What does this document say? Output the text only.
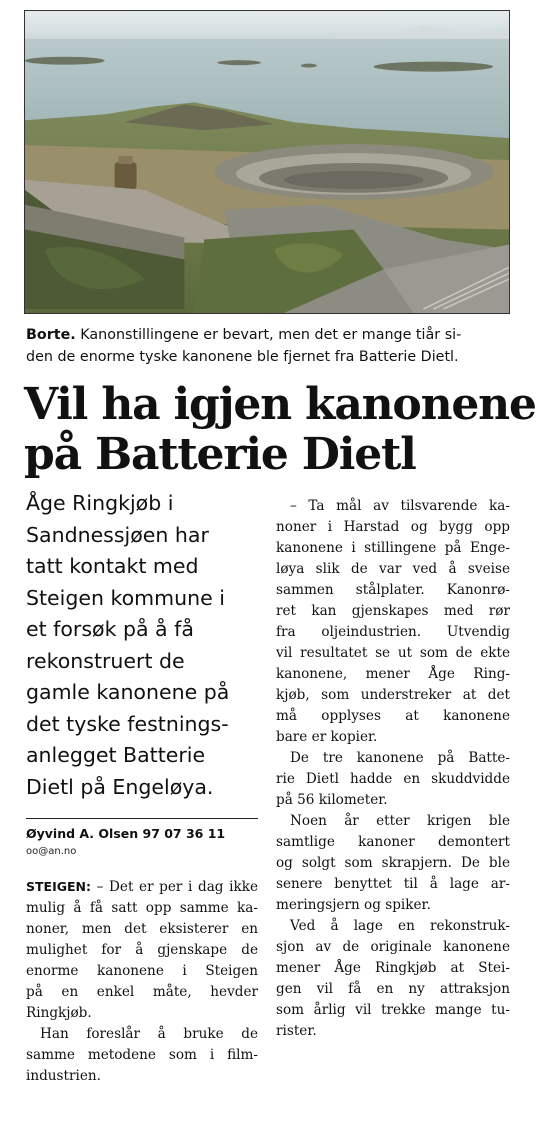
Borte. Kanonstillingene er bevart, men det er mange tiår si-
den de enorme tyske kanonene ble fjernet fra Batterie Dietl.
Vil ha igjen kanonene
på Batterie Dietl
Åge Ringkjøb i
Sandnessjøen har
tatt kontakt med
Steigen kommune i
et forsøk på å få
rekonstruert de
gamle kanonene på
det tyske festnings-
anlegget Batterie
Dietl på Engeløya.
Øyvind A. Olsen 97 07 36 11
oo@an.no
STEIGEN: – Det er per i dag ikke
mulig å få satt opp samme ka-
noner, men det eksisterer en
mulighet for å gjenskape de
enorme kanonene i Steigen
på en enkel måte, hevder
Ringkjøb.
Han foreslår å bruke de
samme metodene som i film-
industrien.
– Ta mål av tilsvarende ka-
noner i Harstad og bygg opp
kanonene i stillingene på Enge-
løya slik de var ved å sveise
sammen stålplater. Kanonrø-
ret kan gjenskapes med rør
fra oljeindustrien. Utvendig
vil resultatet se ut som de ekte
kanonene, mener Åge Ring-
kjøb, som understreker at det
må opplyses at kanonene
bare er kopier.
De tre kanonene på Batte-
rie Dietl hadde en skuddvidde
på 56 kilometer.
Noen år etter krigen ble
samtlige kanoner demontert
og solgt som skrapjern. De ble
senere benyttet til å lage ar-
meringsjern og spiker.
Ved å lage en rekonstruk-
sjon av de originale kanonene
mener Åge Ringkjøb at Stei-
gen vil få en ny attraksjon
som årlig vil trekke mange tu-
rister.
